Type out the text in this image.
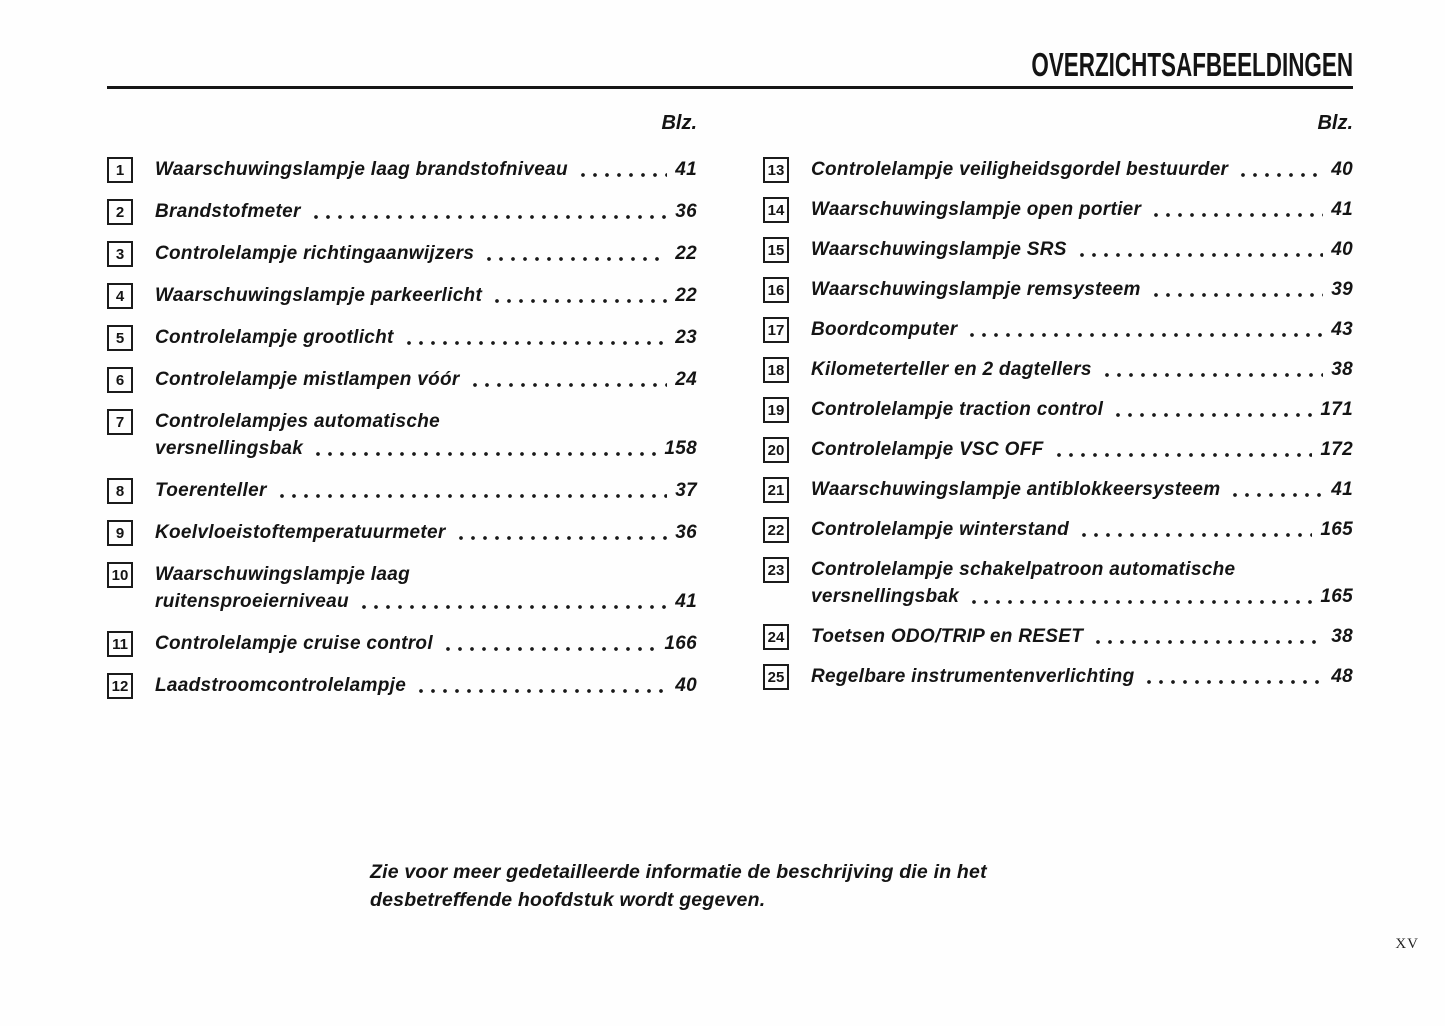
OVERZICHTSAFBEELDINGEN
Blz.
1	Waarschuwingslampje laag brandstofniveau	41
2	Brandstofmeter	36
3	Controlelampje richtingaanwijzers	22
4	Waarschuwingslampje parkeerlicht	22
5	Controlelampje grootlicht	23
6	Controlelampje mistlampen vóór	24
7	Controlelampjes automatische
versnellingsbak	158
8	Toerenteller	37
9	Koelvloeistoftemperatuurmeter	36
10 Waarschuwingslampje laag
ruitensproeierniveau	41
11 Controlelampje cruise control	166
12 Laadstroomcontrolelampje	40
Blz.
13 Controlelampje veiligheidsgordel bestuurder	40
14 Waarschuwingslampje open portier	41
15 Waarschuwingslampje SRS	40
16 Waarschuwingslampje remsysteem	39
17 Boordcomputer	43
18 Kilometerteller en 2 dagtellers	38
19 Controlelampje traction control	171
20 Controlelampje VSC OFF	172
21 Waarschuwingslampje antiblokkeersysteem	41
22 Controlelampje winterstand	165
23 Controlelampje schakelpatroon automatische
versnellingsbak	165
24 Toetsen ODO/TRIP en RESET	38
25 Regelbare instrumentenverlichting	48
Zie voor meer gedetailleerde informatie de beschrijving die in het
desbetreffende hoofdstuk wordt gegeven.
XV
